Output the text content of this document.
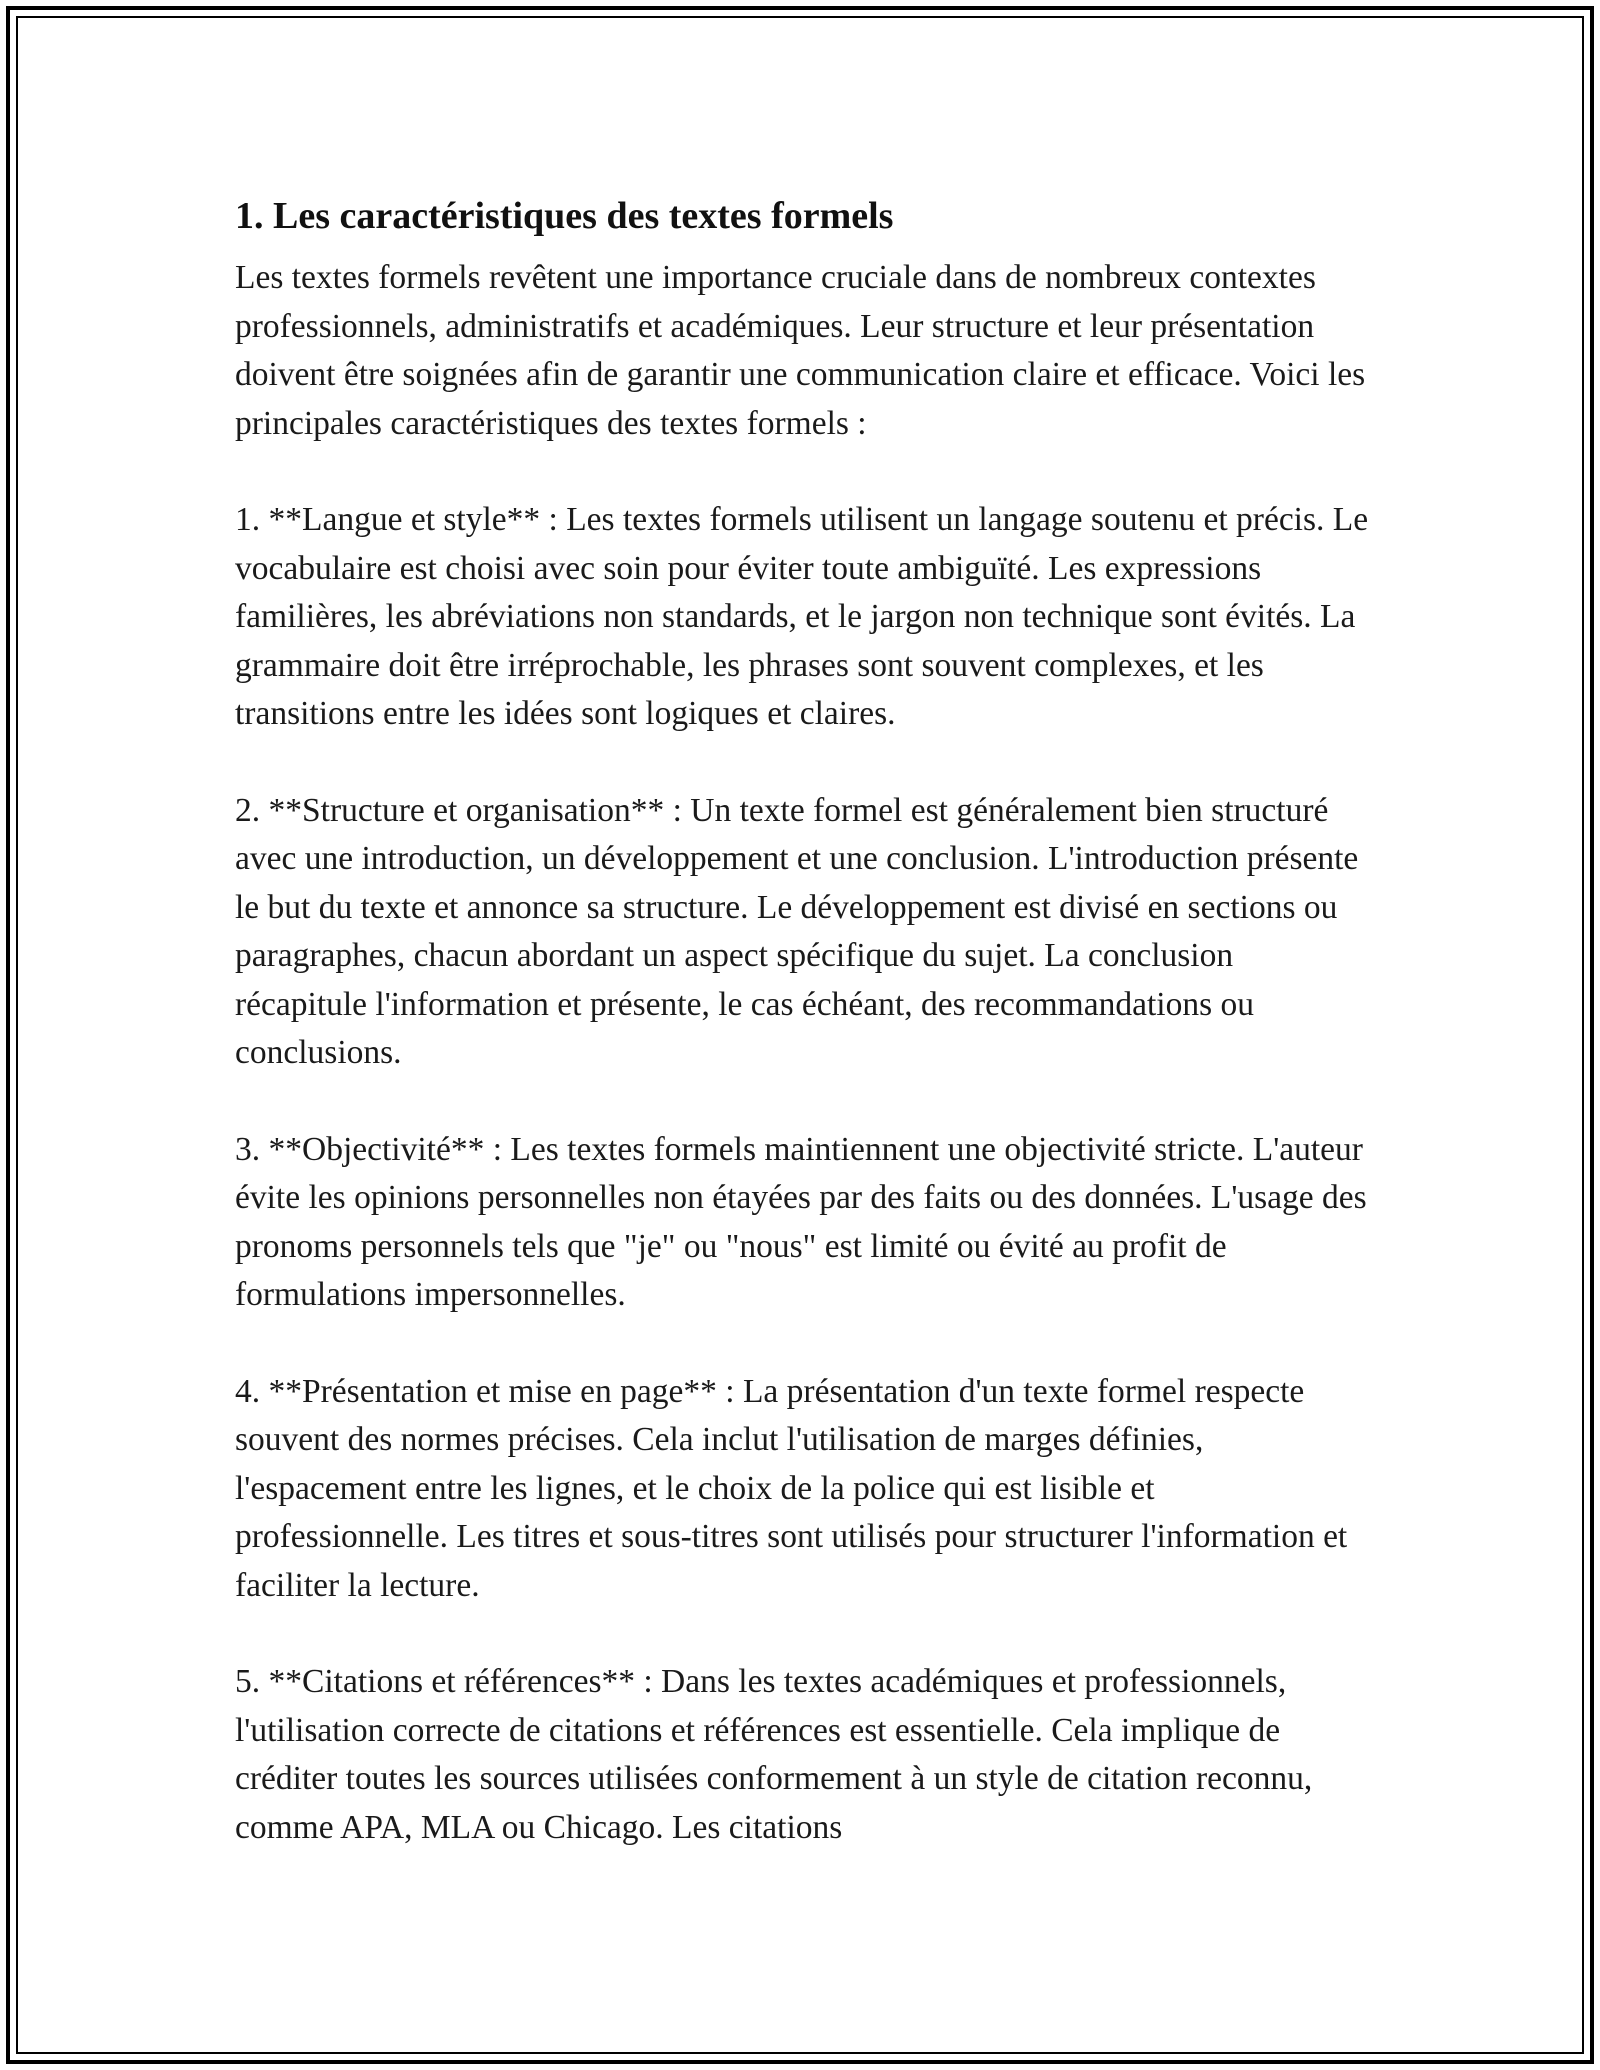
1. Les caractéristiques des textes formels

Les textes formels revêtent une importance cruciale dans de nombreux contextes professionnels, administratifs et académiques. Leur structure et leur présentation doivent être soignées afin de garantir une communication claire et efficace. Voici les principales caractéristiques des textes formels :

1. **Langue et style** : Les textes formels utilisent un langage soutenu et précis. Le vocabulaire est choisi avec soin pour éviter toute ambiguïté. Les expressions familières, les abréviations non standards, et le jargon non technique sont évités. La grammaire doit être irréprochable, les phrases sont souvent complexes, et les transitions entre les idées sont logiques et claires.

2. **Structure et organisation** : Un texte formel est généralement bien structuré avec une introduction, un développement et une conclusion. L'introduction présente le but du texte et annonce sa structure. Le développement est divisé en sections ou paragraphes, chacun abordant un aspect spécifique du sujet. La conclusion récapitule l'information et présente, le cas échéant, des recommandations ou conclusions.

3. **Objectivité** : Les textes formels maintiennent une objectivité stricte. L'auteur évite les opinions personnelles non étayées par des faits ou des données. L'usage des pronoms personnels tels que "je" ou "nous" est limité ou évité au profit de formulations impersonnelles.

4. **Présentation et mise en page** : La présentation d'un texte formel respecte souvent des normes précises. Cela inclut l'utilisation de marges définies, l'espacement entre les lignes, et le choix de la police qui est lisible et professionnelle. Les titres et sous-titres sont utilisés pour structurer l'information et faciliter la lecture.

5. **Citations et références** : Dans les textes académiques et professionnels, l'utilisation correcte de citations et références est essentielle. Cela implique de créditer toutes les sources utilisées conformement à un style de citation reconnu, comme APA, MLA ou Chicago. Les citations
